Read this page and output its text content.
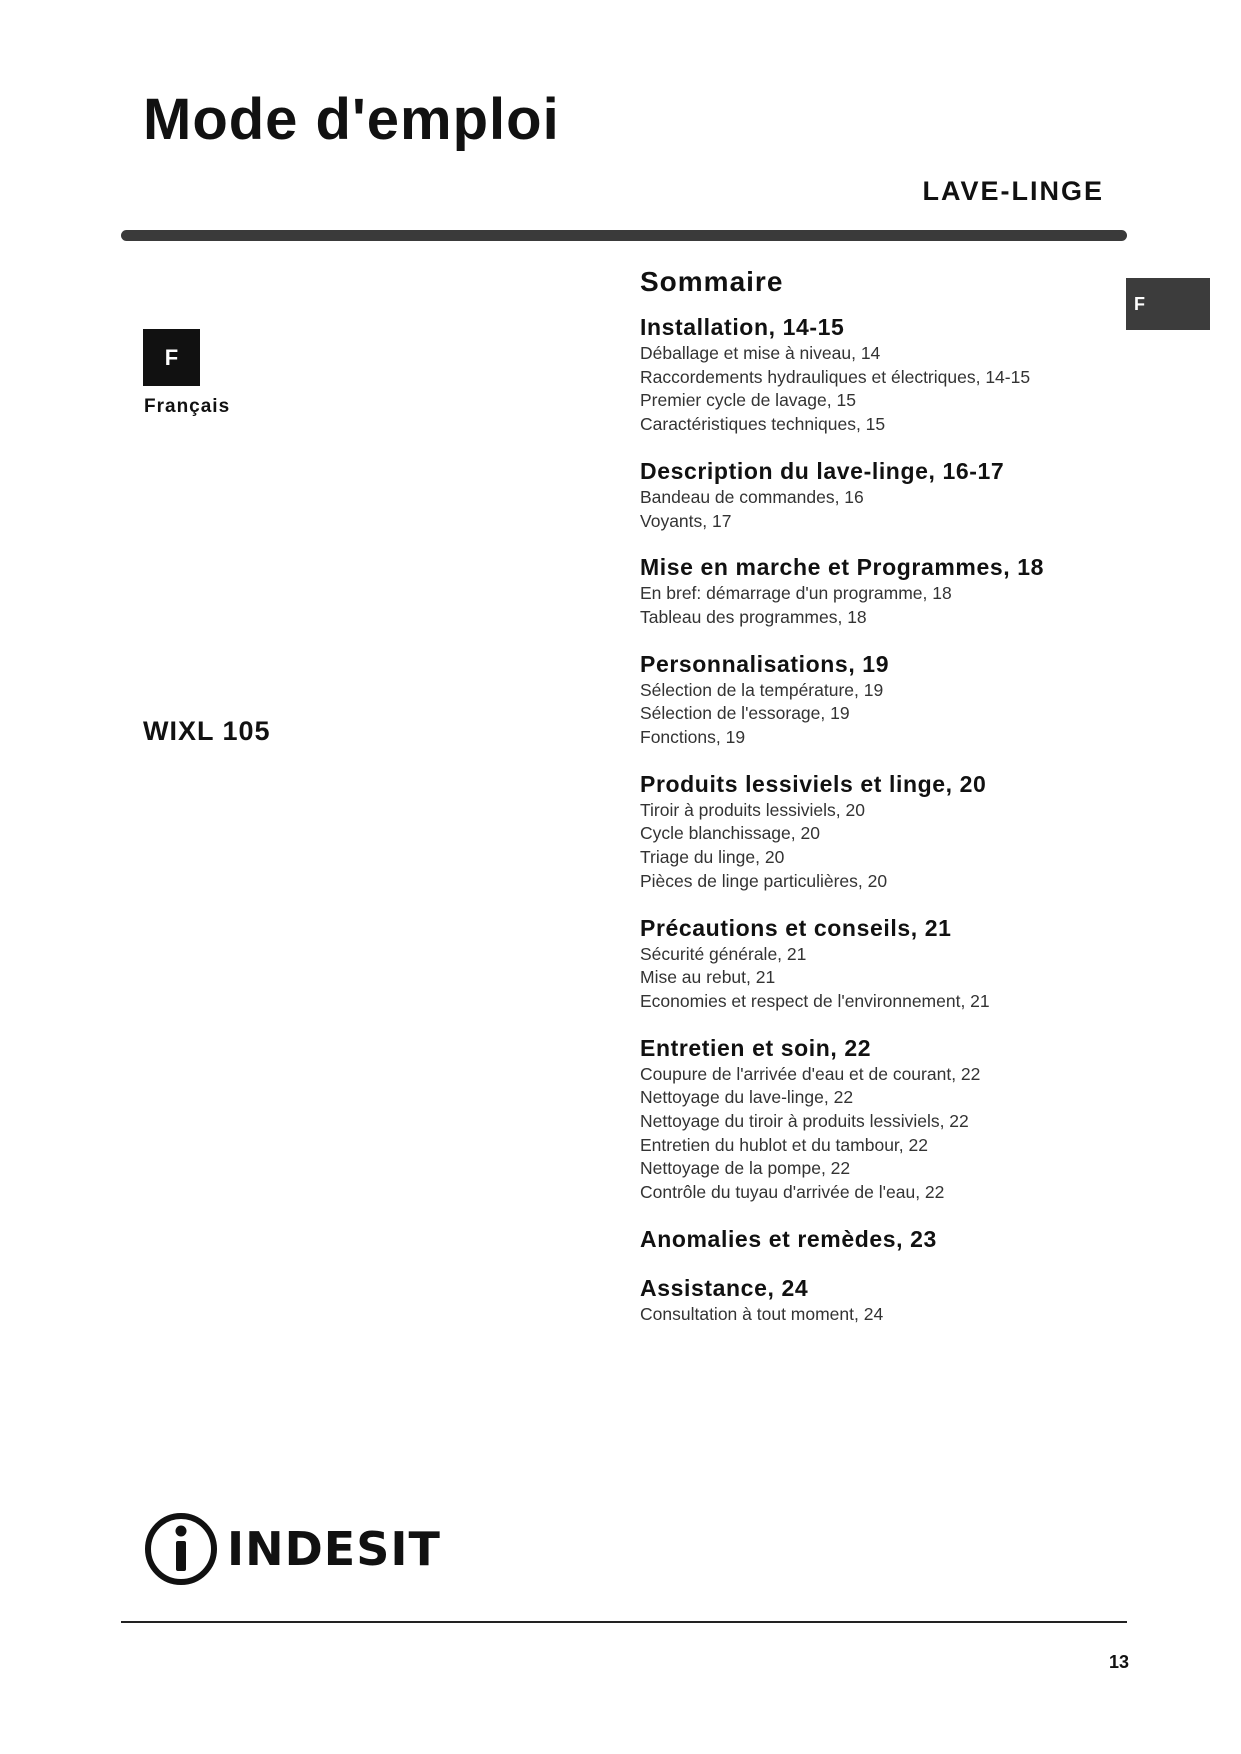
Mode d'emploi
LAVE-LINGE
F
Français
WIXL 105
F
Sommaire
Installation, 14-15
Déballage et mise à niveau, 14
Raccordements hydrauliques et électriques, 14-15
Premier cycle de lavage, 15
Caractéristiques techniques, 15
Description du lave-linge, 16-17
Bandeau de commandes, 16
Voyants, 17
Mise en marche et Programmes, 18
En bref: démarrage d'un programme, 18
Tableau des programmes, 18
Personnalisations, 19
Sélection de la température, 19
Sélection de l'essorage, 19
Fonctions, 19
Produits lessiviels et linge, 20
Tiroir à produits lessiviels, 20
Cycle blanchissage, 20
Triage du linge, 20
Pièces de linge particulières, 20
Précautions et conseils, 21
Sécurité générale, 21
Mise au rebut, 21
Economies et respect de l'environnement, 21
Entretien et soin, 22
Coupure de l'arrivée d'eau et de courant, 22
Nettoyage du lave-linge, 22
Nettoyage du tiroir à produits lessiviels, 22
Entretien du hublot et du tambour, 22
Nettoyage de la pompe, 22
Contrôle du tuyau d'arrivée de l'eau, 22
Anomalies et remèdes, 23
Assistance, 24
Consultation à tout moment, 24
INDESIT
13
